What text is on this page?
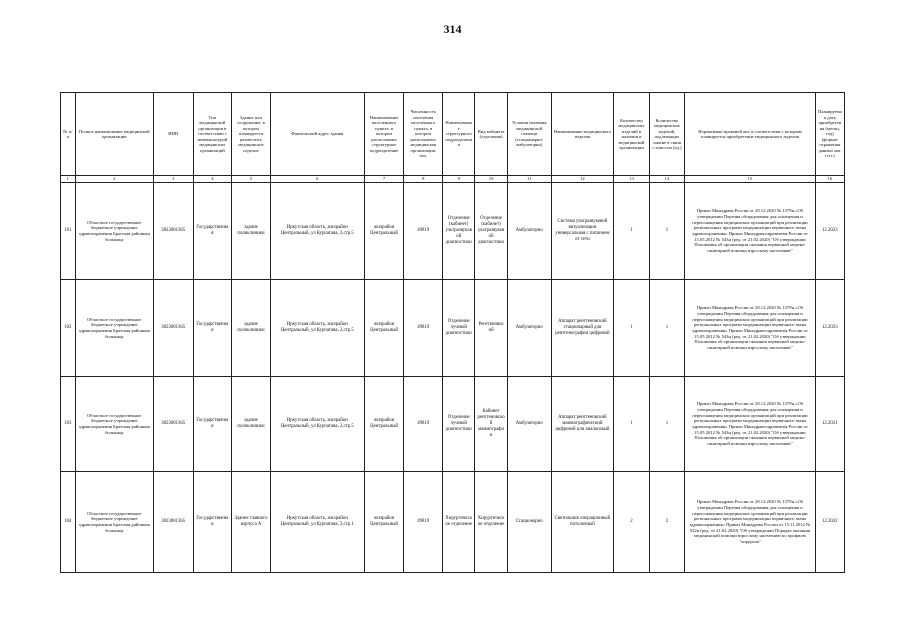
314
№ п/п	Полное наименование медицинской организации	ИНН	Тип медицинской организации в соответствии с номенклатурой медицинских организаций	Здание или сооружение, в котором планируется разместить медицинское изделие	Фактический адрес здания	Наименование населенного пункта, в котором расположено структурное подразделение	Численность населения населенного пункта, в котором расположено медицинская организация, чел.	Наименование структурного подразделения	Вид кабинета (отделения)	Условия оказания медицинской помощи (стационарно/амбулаторно)	Наименование медицинского изделия	Количество медицинских изделий в наличии в медицинской организации	Количество медицинских изделий, подлежащих замене в связи с износом (ед.)	Нормативно-правовой акт, в соответствии с которым планируется приобретение медицинского изделия	Планируемая дата приобретения (месяц, год) (формат отражения данных мм. гггг.)
1	2	3	4	5	6	7	8	9	10	11	12	13	14	15	16
101	Областное государственное бюджетное учреждение здравоохранения Братская районная больница	3823001365	Государственная	здание поликлиники	Иркутская область, жилрайон Центральный, ул Курчатова, 2,стр.5	жилрайон Центральный	49819	Отделение (кабинет) ультразвуковой диагностики	Отделение (кабинет) ультразвуковой диагностики	Амбулаторно	Система ультразвуковой визуализации универсальная с питанием от сети	1	1	Приказ Минздрава России от 28.12.2020 № 1379н «Об утверждении Перечня оборудования для оснащения и переоснащения медицинских организаций при реализации региональных программ модернизации первичного звена здравоохранения» Приказ Минздравсоцразвития России от 15.05.2012 № 543н (ред. от 21.02.2020) "Об утверждении Положения об организации оказания первичной медико-санитарной помощи взрослому населению"	12.2023
102	Областное государственное бюджетное учреждение здравоохранения Братская районная больница	3823001365	Государственная	здание поликлиники	Иркутская область, жилрайон Центральный, ул Курчатова, 2,стр.5	жилрайон Центральный	49819	Отделение лучевой диагностики	Рентгеновский	Амбулаторно	Аппарат рентгеновский стационарный для рентгенографии цифровой	1	1	Приказ Минздрава России от 28.12.2020 № 1379н «Об утверждении Перечня оборудования для оснащения и переоснащения медицинских организаций при реализации региональных программ модернизации первичного звена здравоохранения» Приказ Минздравсоцразвития России от 15.05.2012 № 543н (ред. от 21.02.2020) "Об утверждении Положения об организации оказания первичной медико-санитарной помощи взрослому населению"	12.2023
103	Областное государственное бюджетное учреждение здравоохранения Братская районная больница	3823001365	Государственная	здание поликлиники	Иркутская область, жилрайон Центральный, ул Курчатова, 2,стр.5	жилрайон Центральный	49819	Отделение лучевой диагностики	Кабинет рентгеновской маммографии	Амбулаторно	Аппарат рентгеновский маммографический цифровой или аналоговый	1	1	Приказ Минздрава России от 28.12.2020 № 1379н «Об утверждении Перечня оборудования для оснащения и переоснащения медицинских организаций при реализации региональных программ модернизации первичного звена здравоохранения» Приказ Минздравсоцразвития России от 15.05.2012 № 543н (ред. от 21.02.2020) "Об утверждении Положения об организации оказания первичной медико-санитарной помощи взрослому населению"	12.2021
104	Областное государственное бюджетное учреждение здравоохранения Братская районная больница	3823001365	Государственная	Здание главного корпуса А	Иркутская область, жилрайон Центральный, ул Курчатова, 2,стр.1	жилрайон Центральный	49819	Хирургическое отделение	Хирургическое отделение	Стационарно	Светильник операционный потолочный	2	2	Приказ Минздрава России от 28.12.2020 № 1379н «Об утверждении Перечня оборудования для оснащения и переоснащения медицинских организаций при реализации региональных программ модернизации первичного звена здравоохранения» Приказ Минздрава России от 15.11.2012 № 922н (ред. от 21.02.2020) "Об утверждении Порядка оказания медицинской помощи взрослому населению по профилю "хирургия"	12.2022
